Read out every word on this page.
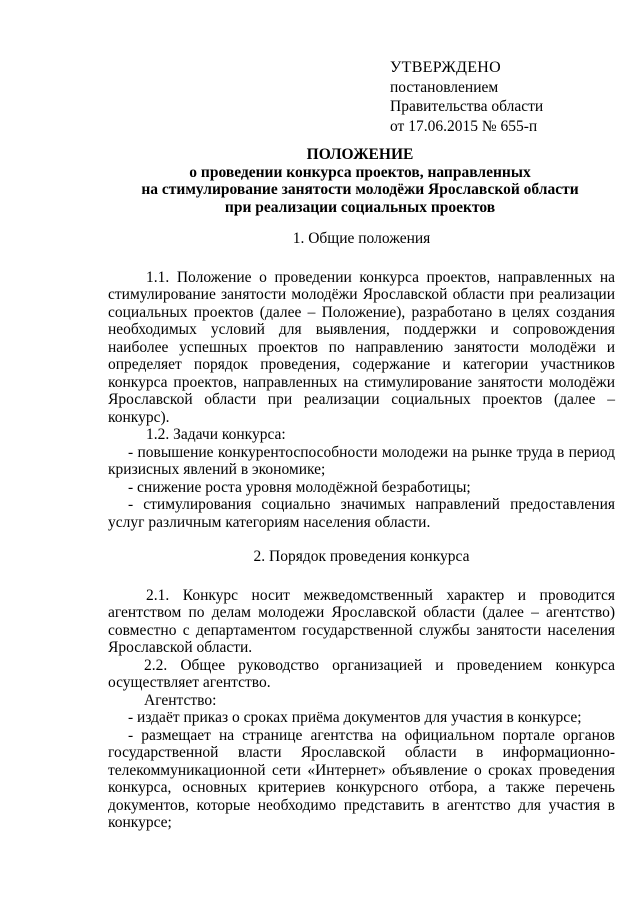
УТВЕРЖДЕНО
постановлением
Правительства области
от 17.06.2015 № 655-п
ПОЛОЖЕНИЕ
о проведении конкурса проектов, направленных
на стимулирование занятости молодёжи Ярославской области
при реализации социальных проектов

1. Общие положения

1.1. Положение о проведении конкурса проектов, направленных на стимулирование занятости молодёжи Ярославской области при реализации социальных проектов (далее – Положение), разработано в целях создания необходимых условий для выявления, поддержки и сопровождения наиболее успешных проектов по направлению занятости молодёжи и определяет порядок проведения, содержание и категории участников конкурса проектов, направленных на стимулирование занятости молодёжи Ярославской области при реализации социальных проектов (далее – конкурс).

1.2. Задачи конкурса:

- повышение конкурентоспособности молодежи на рынке труда в период кризисных явлений в экономике;

- снижение роста уровня молодёжной безработицы;

- стимулирования социально значимых направлений предоставления услуг различным категориям населения области.

2. Порядок проведения конкурса

2.1. Конкурс носит межведомственный характер и проводится агентством по делам молодежи Ярославской области (далее – агентство) совместно с департаментом государственной службы занятости населения Ярославской области.

2.2. Общее руководство организацией и проведением конкурса осуществляет агентство.

Агентство:

- издаёт приказ о сроках приёма документов для участия в конкурсе;

- размещает на странице агентства на официальном портале органов государственной власти Ярославской области в информационно-телекоммуникационной сети «Интернет» объявление о сроках проведения конкурса, основных критериев конкурсного отбора, а также перечень документов, которые необходимо представить в агентство для участия в конкурсе;
